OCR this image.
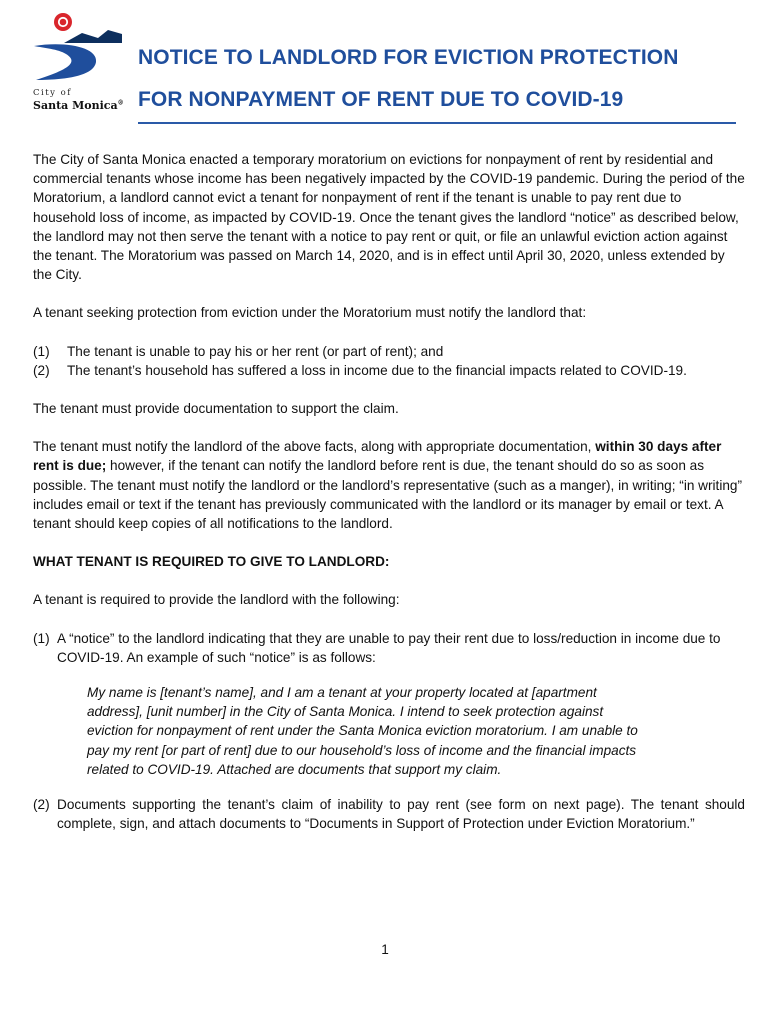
City of
Santa Monica®
NOTICE TO LANDLORD FOR EVICTION PROTECTION
FOR NONPAYMENT OF RENT DUE TO COVID-19

The City of Santa Monica enacted a temporary moratorium on evictions for nonpayment of rent by residential and commercial tenants whose income has been negatively impacted by the COVID-19 pandemic. During the period of the Moratorium, a landlord cannot evict a tenant for nonpayment of rent if the tenant is unable to pay rent due to household loss of income, as impacted by COVID-19. Once the tenant gives the landlord “notice” as described below, the landlord may not then serve the tenant with a notice to pay rent or quit, or file an unlawful eviction action against the tenant. The Moratorium was passed on March 14, 2020, and is in effect until April 30, 2020, unless extended by the City.

A tenant seeking protection from eviction under the Moratorium must notify the landlord that:

(1)	The tenant is unable to pay his or her rent (or part of rent); and
(2)	The tenant’s household has suffered a loss in income due to the financial impacts related to COVID-19.

The tenant must provide documentation to support the claim.

The tenant must notify the landlord of the above facts, along with appropriate documentation, within 30 days after rent is due; however, if the tenant can notify the landlord before rent is due, the tenant should do so as soon as possible. The tenant must notify the landlord or the landlord’s representative (such as a manger), in writing; “in writing” includes email or text if the tenant has previously communicated with the landlord or its manager by email or text. A tenant should keep copies of all notifications to the landlord.

WHAT TENANT IS REQUIRED TO GIVE TO LANDLORD:

A tenant is required to provide the landlord with the following:

(1) A “notice” to the landlord indicating that they are unable to pay their rent due to loss/reduction in income due to COVID-19. An example of such “notice” is as follows:
My name is [tenant’s name], and I am a tenant at your property located at [apartment address], [unit number] in the City of Santa Monica. I intend to seek protection against eviction for nonpayment of rent under the Santa Monica eviction moratorium. I am unable to pay my rent [or part of rent] due to our household’s loss of income and the financial impacts related to COVID-19. Attached are documents that support my claim.
(2) Documents supporting the tenant’s claim of inability to pay rent (see form on next page). The tenant should complete, sign, and attach documents to “Documents in Support of Protection under Eviction Moratorium.”
1
